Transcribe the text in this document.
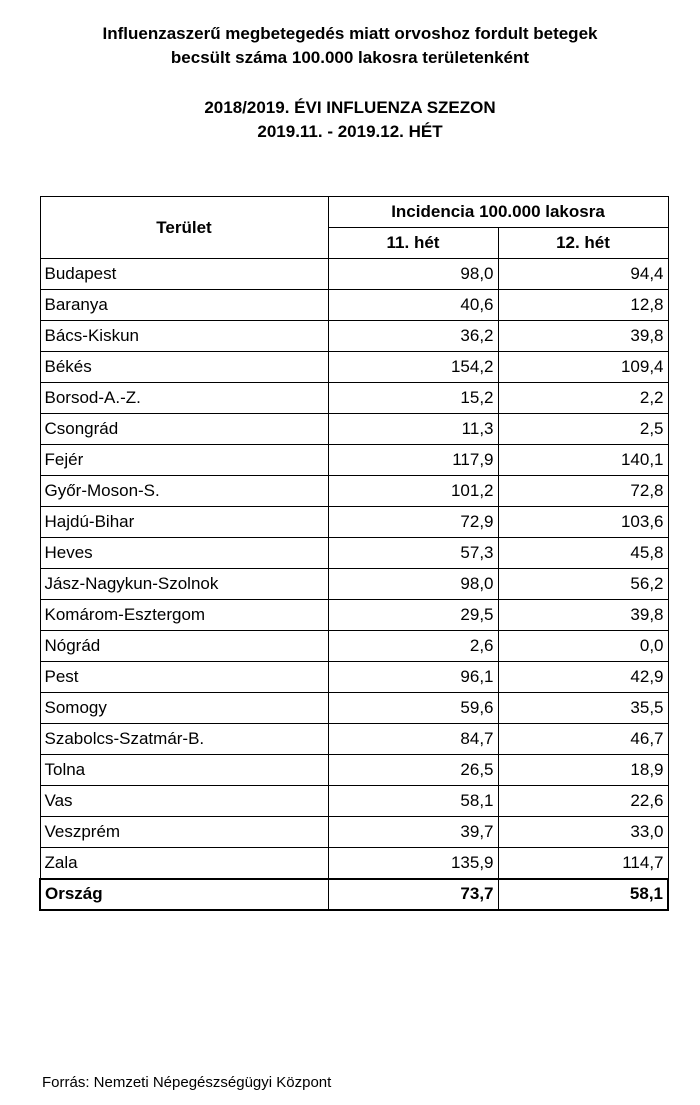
Influenzaszerű megbetegedés miatt orvoshoz fordult betegek
becsült száma 100.000 lakosra területenként
2018/2019. ÉVI INFLUENZA SZEZON
2019.11. - 2019.12. HÉT
Terület	Incidencia 100.000 lakosra	
	11. hét	12. hét
Budapest	98,0	94,4
Baranya	40,6	12,8
Bács-Kiskun	36,2	39,8
Békés	154,2	109,4
Borsod-A.-Z.	15,2	2,2
Csongrád	11,3	2,5
Fejér	117,9	140,1
Győr-Moson-S.	101,2	72,8
Hajdú-Bihar	72,9	103,6
Heves	57,3	45,8
Jász-Nagykun-Szolnok	98,0	56,2
Komárom-Esztergom	29,5	39,8
Nógrád	2,6	0,0
Pest	96,1	42,9
Somogy	59,6	35,5
Szabolcs-Szatmár-B.	84,7	46,7
Tolna	26,5	18,9
Vas	58,1	22,6
Veszprém	39,7	33,0
Zala	135,9	114,7
Ország	73,7	58,1
Forrás: Nemzeti Népegészségügyi Központ
